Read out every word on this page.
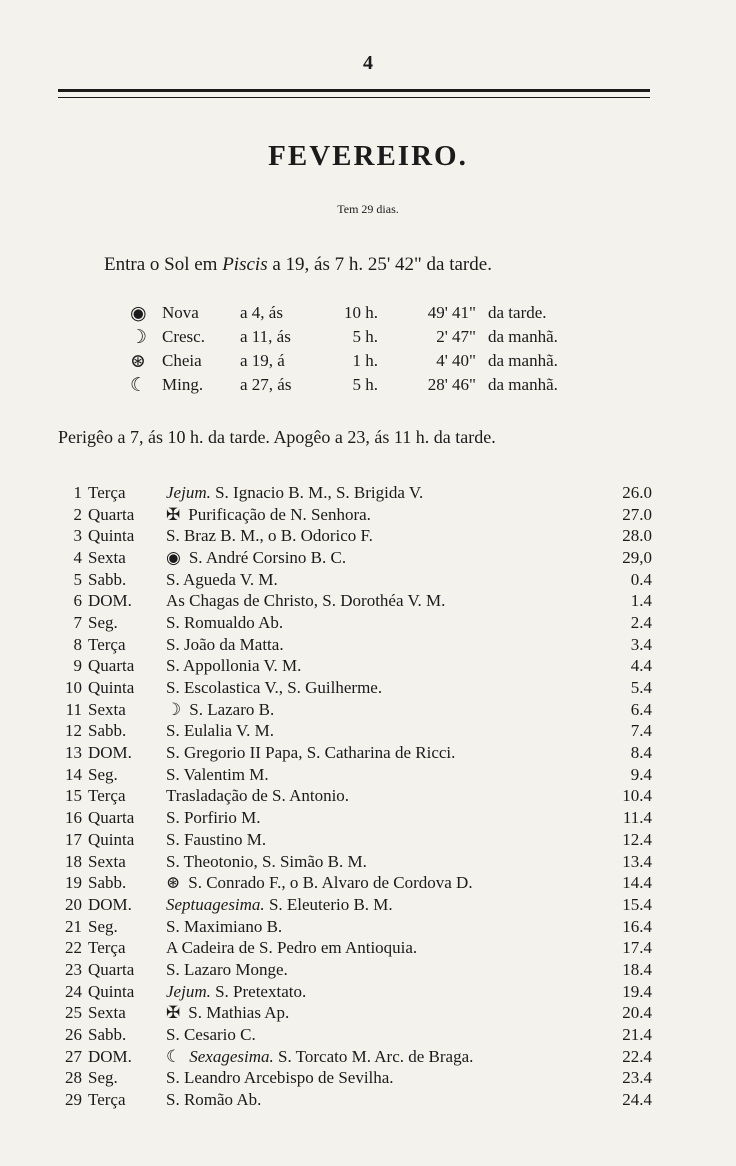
4
FEVEREIRO.
Tem 29 dias.
Entra o Sol em Piscis a 19, ás 7 h. 25' 42" da tarde.
◉ Nova	a 4, ás	10 h.	49' 41" da tarde.
☽ Cresc.	a 11, ás	5 h.	2' 47" da manhã.
⊛ Cheia	a 19, á	1 h.	4' 40" da manhã.
☾ Ming.	a 27, ás	5 h.	28' 46" da manhã.
Perigêo a 7, ás 10 h. da tarde. Apogêo a 23, ás 11 h. da tarde.
1 Terça	Jejum. S. Ignacio B. M., S. Brigida V.	26.0
2 Quarta	✠ Purificação de N. Senhora.	27.0
3 Quinta	S. Braz B. M., o B. Odorico F.	28.0
4 Sexta	◉ S. André Corsino B. C.	29,0
5 Sabb.	S. Agueda V. M.	0.4
6 DOM.	As Chagas de Christo, S. Dorothéa V. M.	1.4
7 Seg.	S. Romualdo Ab.	2.4
8 Terça	S. João da Matta.	3.4
9 Quarta	S. Appollonia V. M.	4.4
10 Quinta	S. Escolastica V., S. Guilherme.	5.4
11 Sexta	☽ S. Lazaro B.	6.4
12 Sabb.	S. Eulalia V. M.	7.4
13 DOM.	S. Gregorio II Papa, S. Catharina de Ricci.	8.4
14 Seg.	S. Valentim M.	9.4
15 Terça	Trasladação de S. Antonio.	10.4
16 Quarta	S. Porfirio M.	11.4
17 Quinta	S. Faustino M.	12.4
18 Sexta	S. Theotonio, S. Simão B. M.	13.4
19 Sabb.	⊛ S. Conrado F., o B. Alvaro de Cordova D.	14.4
20 DOM.	Septuagesima. S. Eleuterio B. M.	15.4
21 Seg.	S. Maximiano B.	16.4
22 Terça	A Cadeira de S. Pedro em Antioquia.	17.4
23 Quarta	S. Lazaro Monge.	18.4
24 Quinta	Jejum. S. Pretextato.	19.4
25 Sexta	✠ S. Mathias Ap.	20.4
26 Sabb.	S. Cesario C.	21.4
27 DOM.	☾ Sexagesima. S. Torcato M. Arc. de Braga.	22.4
28 Seg.	S. Leandro Arcebispo de Sevilha.	23.4
29 Terça	S. Romão Ab.	24.4
